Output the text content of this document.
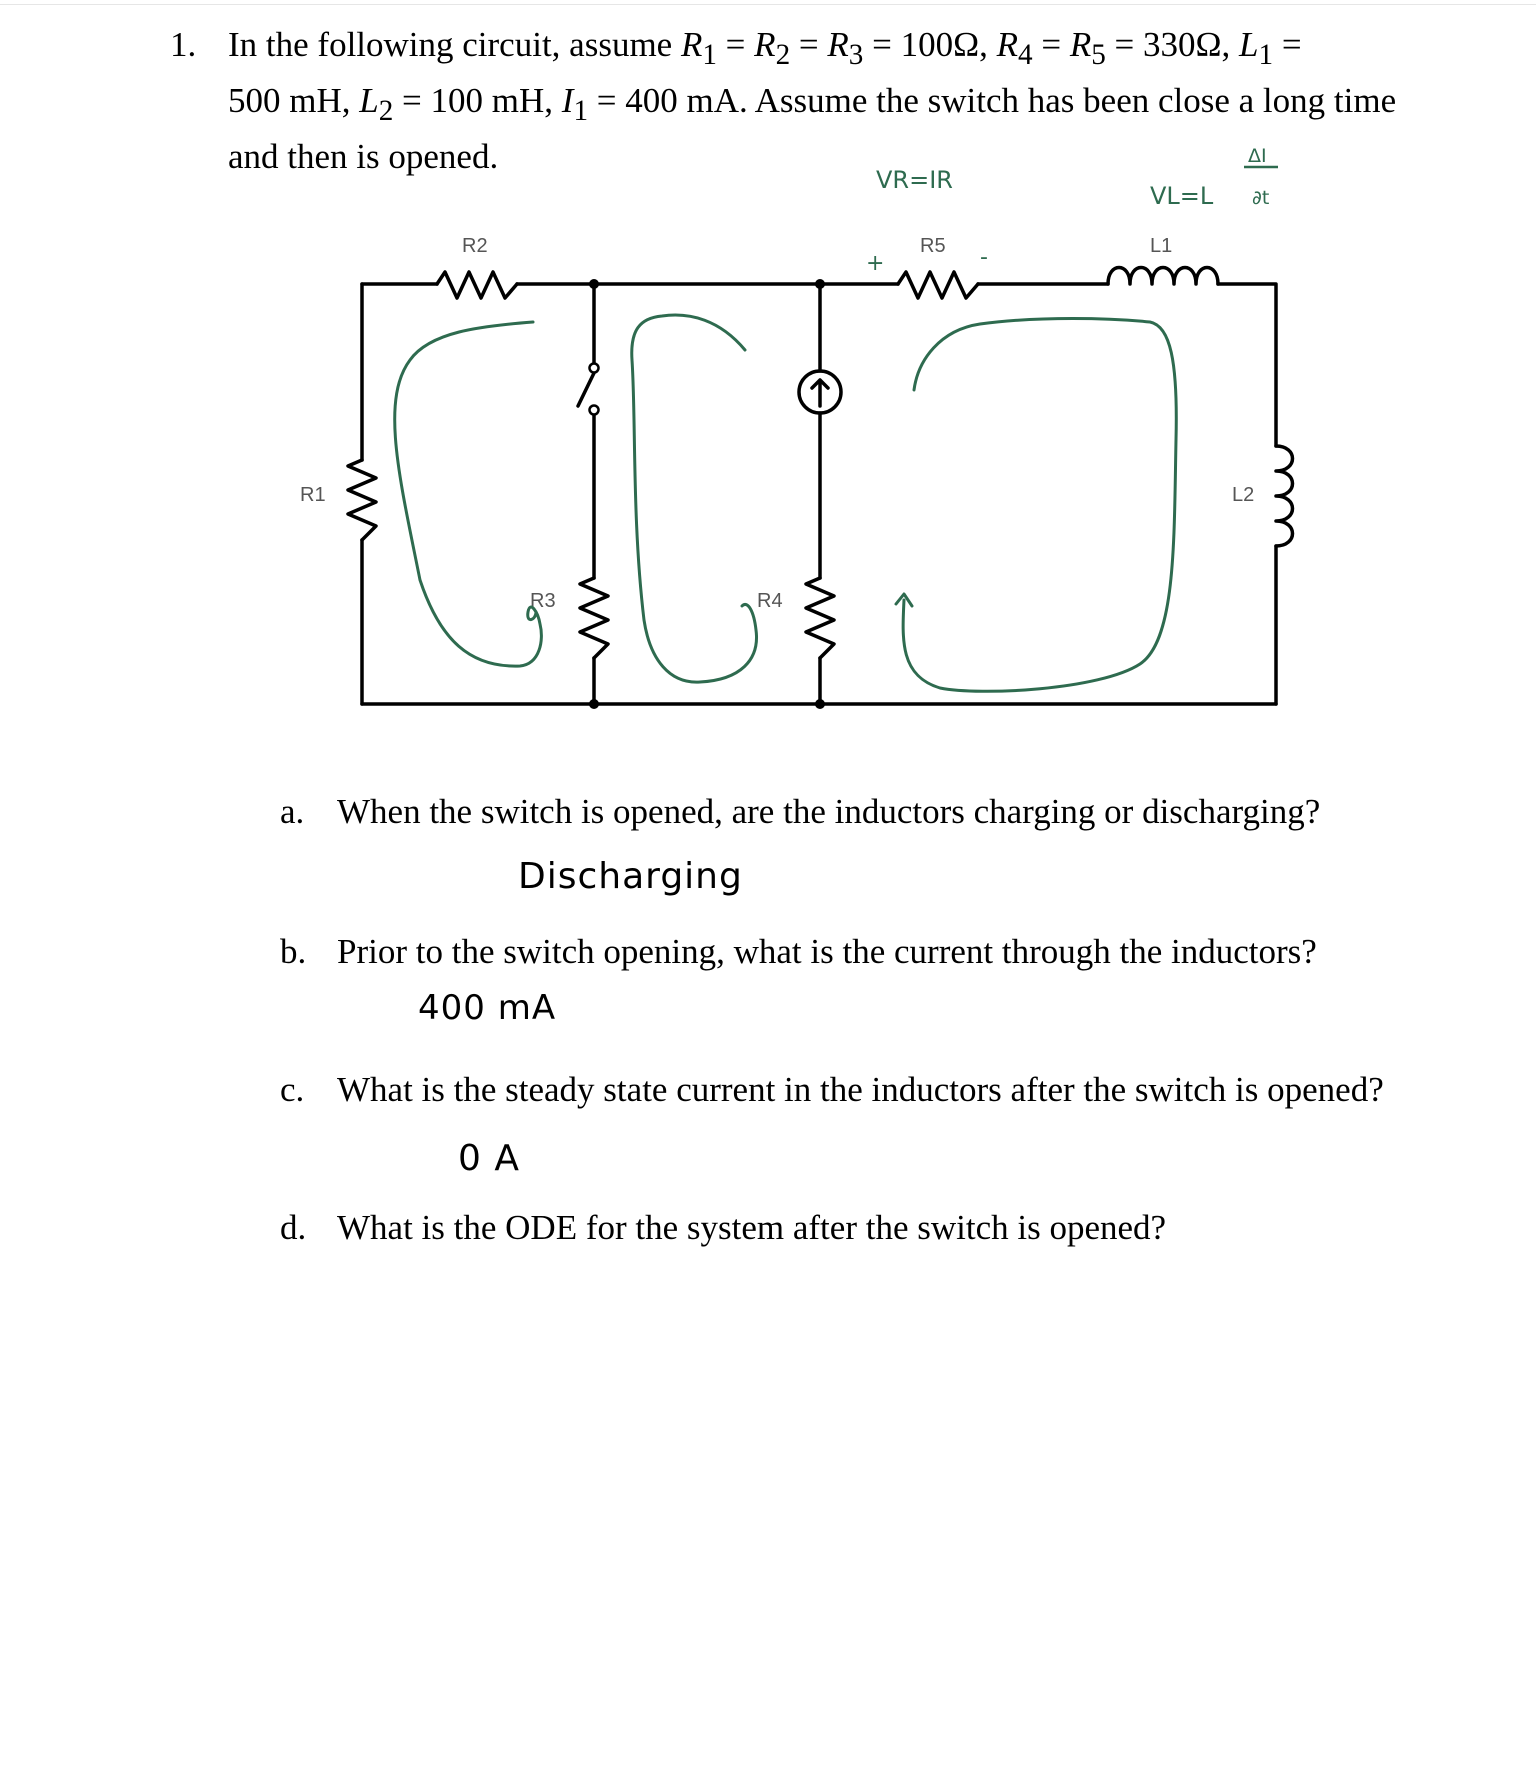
1. In the following circuit, assume $R_1 = R_2 = R_3 = 100\Omega$, $R_4 = R_5 = 330\Omega$, $L_1$ =
500 mH, $L_2 = 100$ mH, $I_1 = 400$ mA. Assume the switch has been close a long time
and then is opened.
R2	R5	L1
R1	L2
R3	R4
VR=IR
VL=L
ΔI
∂t
+	-
a. When the switch is opened, are the inductors charging or discharging?
Discharging
b. Prior to the switch opening, what is the current through the inductors?
400 mA
c. What is the steady state current in the inductors after the switch is opened?
0 A
d. What is the ODE for the system after the switch is opened?
